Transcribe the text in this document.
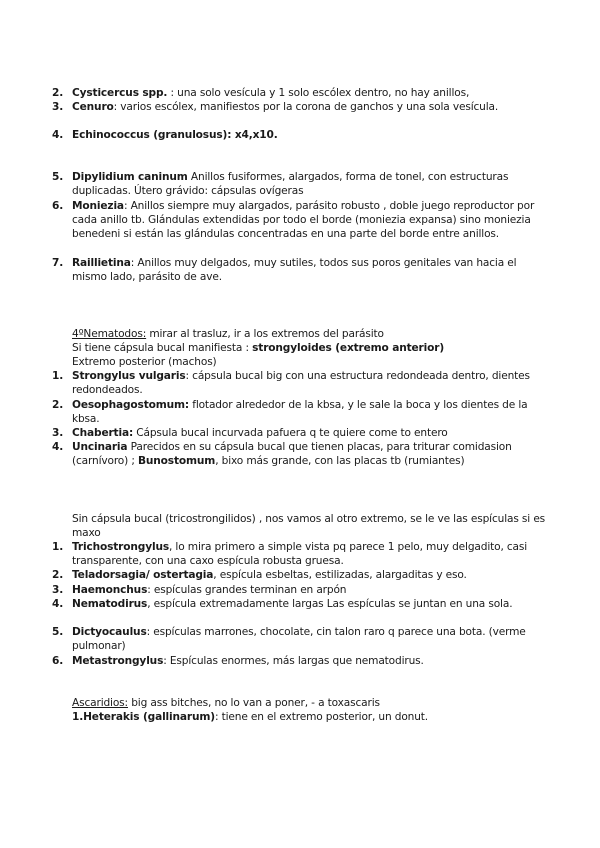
2. Cysticercus spp. : una solo vesícula y 1 solo escólex dentro, no hay anillos,
3. Cenuro: varios escólex, manifiestos por la corona de ganchos y una sola vesícula.
4. Echinococcus (granulosus): x4,x10.
5. Dipylidium caninum Anillos fusiformes, alargados, forma de tonel, con estructuras duplicadas. Útero grávido: cápsulas ovígeras
6. Moniezia: Anillos siempre muy alargados, parásito robusto , doble juego reproductor por cada anillo tb. Glándulas extendidas por todo el borde (moniezia expansa) sino moniezia benedeni si están las glándulas concentradas en una parte del borde entre anillos.
7. Raillietina: Anillos muy delgados, muy sutiles, todos sus poros genitales van hacia el mismo lado, parásito de ave.
4ºNematodos: mirar al trasluz, ir a los extremos del parásito
Si tiene cápsula bucal manifiesta : strongyloides (extremo anterior)
Extremo posterior (machos)
1. Strongylus vulgaris: cápsula bucal big con una estructura redondeada dentro, dientes redondeados.
2. Oesophagostomum: flotador alrededor de la kbsa, y le sale la boca y los dientes de la kbsa.
3. Chabertia: Cápsula bucal incurvada pafuera q te quiere come to entero
4. Uncinaria Parecidos en su cápsula bucal que tienen placas, para triturar comidasion (carnívoro) ; Bunostomum, bixo más grande, con las placas tb (rumiantes)
Sin cápsula bucal (tricostrongilidos) , nos vamos al otro extremo, se le ve las espículas si es maxo
1. Trichostrongylus, lo mira primero a simple vista pq parece 1 pelo, muy delgadito, casi transparente, con una caxo espícula robusta gruesa.
2. Teladorsagia/ ostertagia, espícula esbeltas, estilizadas, alargaditas y eso.
3. Haemonchus: espículas grandes terminan en arpón
4. Nematodirus, espícula extremadamente largas Las espículas se juntan en una sola.
5. Dictyocaulus: espículas marrones, chocolate, cin talon raro q parece una bota. (verme pulmonar)
6. Metastrongylus: Espículas enormes, más largas que nematodirus.
Ascaridios: big ass bitches, no lo van a poner, - a toxascaris
1.Heterakis (gallinarum): tiene en el extremo posterior, un donut.
